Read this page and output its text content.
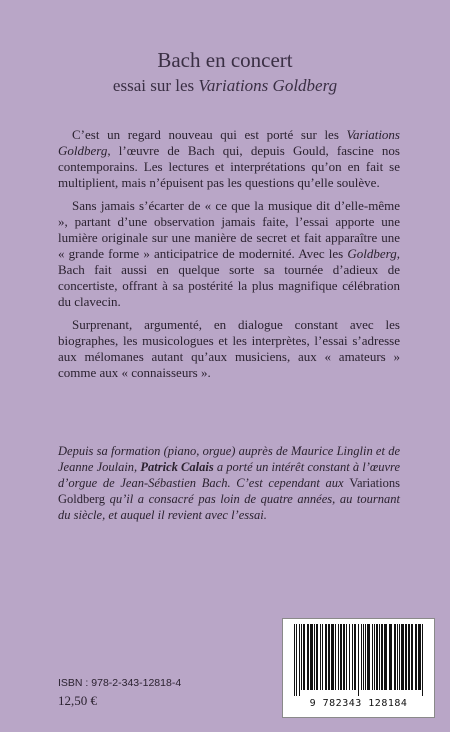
Bach en concert
essai sur les Variations Goldberg

C’est un regard nouveau qui est porté sur les Variations Goldberg, l’œuvre de Bach qui, depuis Gould, fascine nos contemporains. Les lectures et interprétations qu’on en fait se multiplient, mais n’épuisent pas les questions qu’elle soulève.

Sans jamais s’écarter de « ce que la musique dit d’elle-même », partant d’une observation jamais faite, l’essai apporte une lumière originale sur une manière de secret et fait apparaître une « grande forme » anticipatrice de modernité. Avec les Goldberg, Bach fait aussi en quelque sorte sa tournée d’adieux de concertiste, offrant à sa postérité la plus magnifique célébration du clavecin.

Surprenant, argumenté, en dialogue constant avec les biographes, les musicologues et les interprètes, l’essai s’adresse aux mélomanes autant qu’aux musiciens, aux « amateurs » comme aux « connaisseurs ».

Depuis sa formation (piano, orgue) auprès de Maurice Linglin et de Jeanne Joulain, Patrick Calais a porté un intérêt constant à l’œuvre d’orgue de Jean-Sébastien Bach. C’est cependant aux Variations Goldberg qu’il a consacré pas loin de quatre années, au tournant du siècle, et auquel il revient avec l’essai.
9 782343 128184
ISBN : 978-2-343-12818-4
12,50 €
